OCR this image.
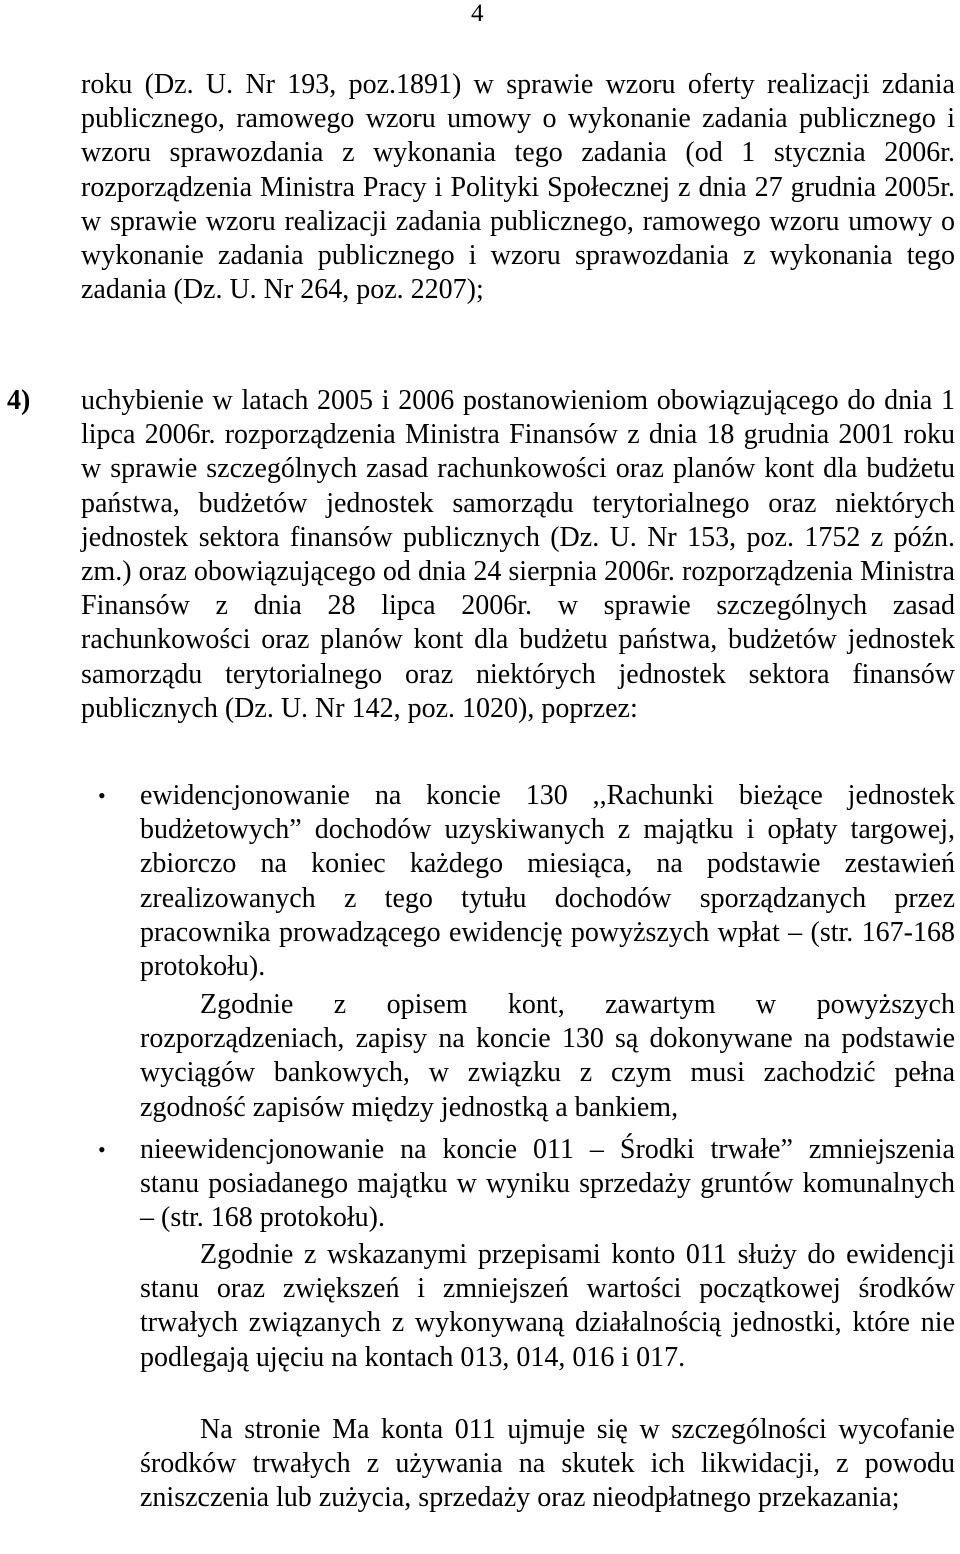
4

roku (Dz. U. Nr 193, poz.1891) w sprawie wzoru oferty realizacji zdania publicznego, ramowego wzoru umowy o wykonanie zadania publicznego i wzoru sprawozdania z wykonania tego zadania (od 1 stycznia 2006r. rozporządzenia Ministra Pracy i Polityki Społecznej z dnia 27 grudnia 2005r. w sprawie wzoru realizacji zadania publicznego, ramowego wzoru umowy o wykonanie zadania publicznego i wzoru sprawozdania z wykonania tego zadania (Dz. U. Nr 264, poz. 2207);

4) uchybienie w latach 2005 i 2006 postanowieniom obowiązującego do dnia 1 lipca 2006r. rozporządzenia Ministra Finansów z dnia 18 grudnia 2001 roku w sprawie szczególnych zasad rachunkowości oraz planów kont dla budżetu państwa, budżetów jednostek samorządu terytorialnego oraz niektórych jednostek sektora finansów publicznych (Dz. U. Nr 153, poz. 1752 z późn. zm.) oraz obowiązującego od dnia 24 sierpnia 2006r. rozporządzenia Ministra Finansów z dnia 28 lipca 2006r. w sprawie szczególnych zasad rachunkowości oraz planów kont dla budżetu państwa, budżetów jednostek samorządu terytorialnego oraz niektórych jednostek sektora finansów publicznych (Dz. U. Nr 142, poz. 1020), poprzez:
• ewidencjonowanie na koncie 130 ,,Rachunki bieżące jednostek budżetowych” dochodów uzyskiwanych z majątku i opłaty targowej, zbiorczo na koniec każdego miesiąca, na podstawie zestawień zrealizowanych z tego tytułu dochodów sporządzanych przez pracownika prowadzącego ewidencję powyższych wpłat – (str. 167-168 protokołu).
Zgodnie z opisem kont, zawartym w powyższych rozporządzeniach, zapisy na koncie 130 są dokonywane na podstawie wyciągów bankowych, w związku z czym musi zachodzić pełna zgodność zapisów między jednostką a bankiem,
• nieewidencjonowanie na koncie 011 – Środki trwałe” zmniejszenia stanu posiadanego majątku w wyniku sprzedaży gruntów komunalnych – (str. 168 protokołu).
Zgodnie z wskazanymi przepisami konto 011 służy do ewidencji stanu oraz zwiększeń i zmniejszeń wartości początkowej środków trwałych związanych z wykonywaną działalnością jednostki, które nie podlegają ujęciu na kontach 013, 014, 016 i 017.
Na stronie Ma konta 011 ujmuje się w szczególności wycofanie środków trwałych z używania na skutek ich likwidacji, z powodu zniszczenia lub zużycia, sprzedaży oraz nieodpłatnego przekazania;
